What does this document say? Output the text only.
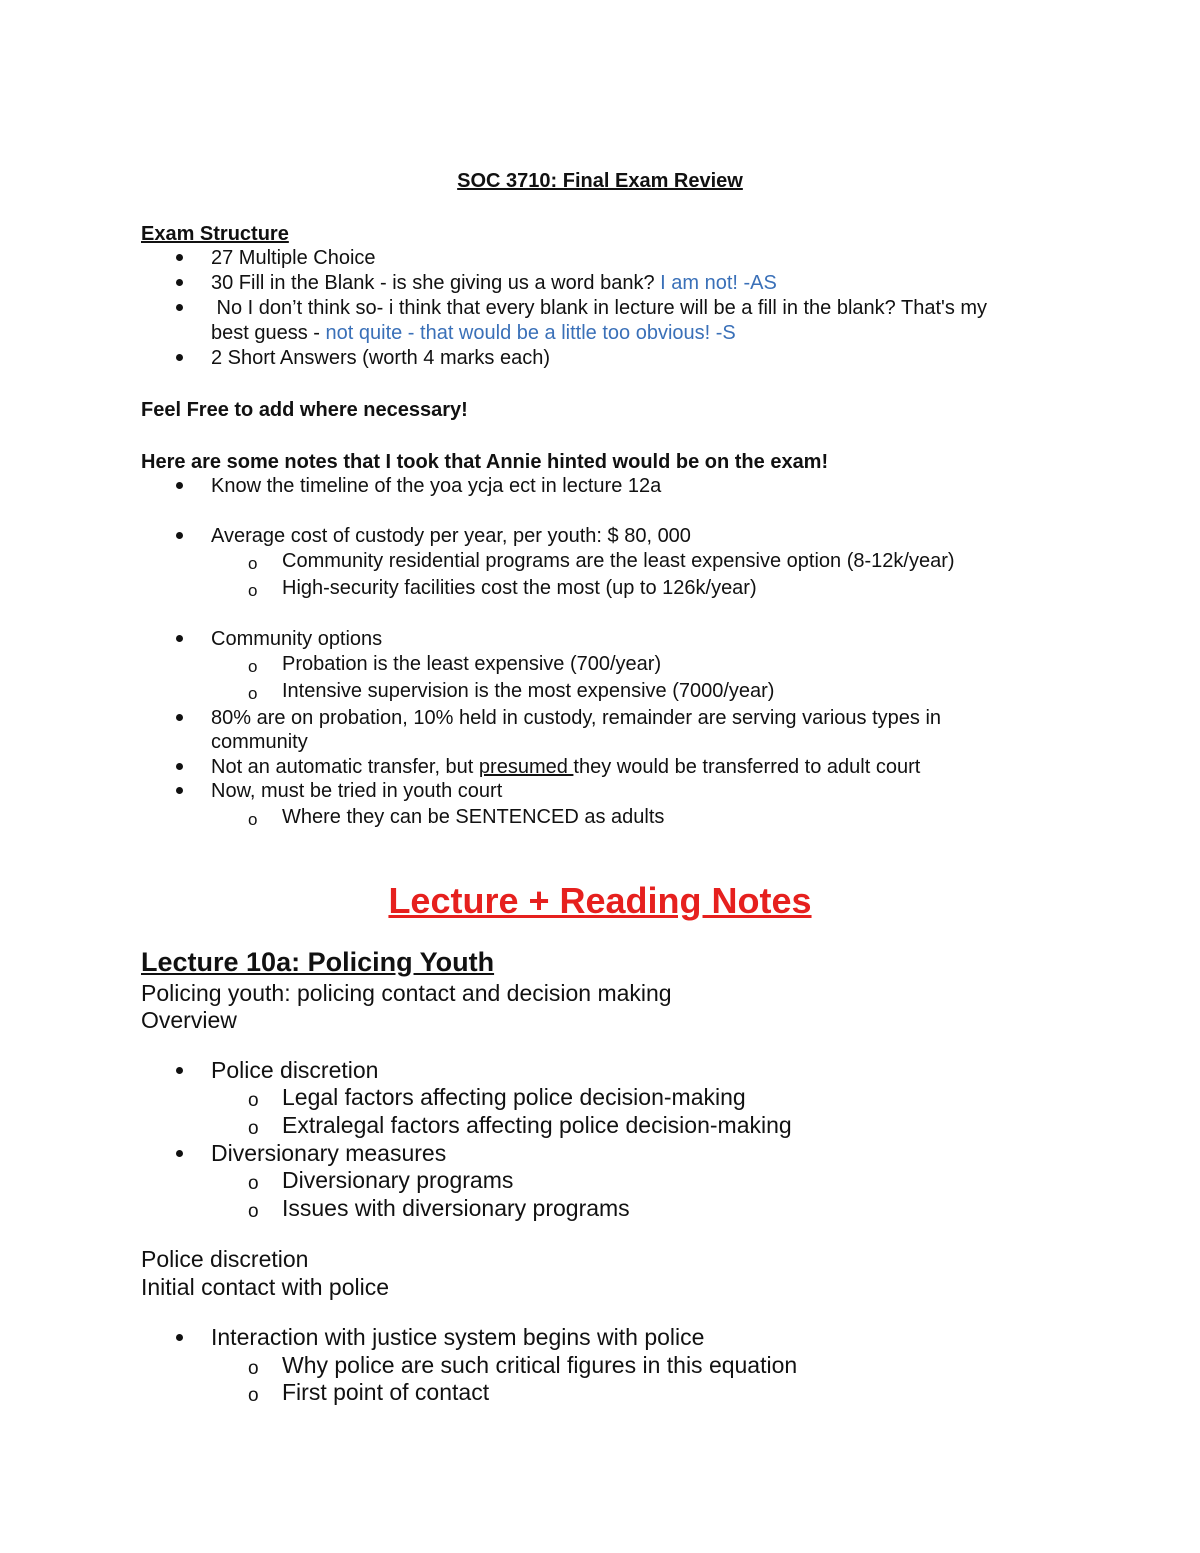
SOC 3710: Final Exam Review
Exam Structure
27 Multiple Choice
30 Fill in the Blank - is she giving us a word bank? I am not! -AS
No I don’t think so- i think that every blank in lecture will be a fill in the blank? That's my
best guess - not quite - that would be a little too obvious! -S
2 Short Answers (worth 4 marks each)
Feel Free to add where necessary!
Here are some notes that I took that Annie hinted would be on the exam!
Know the timeline of the yoa ycja ect in lecture 12a
Average cost of custody per year, per youth: $ 80, 000
o Community residential programs are the least expensive option (8-12k/year)
o High-security facilities cost the most (up to 126k/year)
Community options
o Probation is the least expensive (700/year)
o Intensive supervision is the most expensive (7000/year)
80% are on probation, 10% held in custody, remainder are serving various types in
community
Not an automatic transfer, but presumed they would be transferred to adult court
Now, must be tried in youth court
o Where they can be SENTENCED as adults
Lecture + Reading Notes
Lecture 10a: Policing Youth
Policing youth: policing contact and decision making
Overview
Police discretion
o Legal factors affecting police decision-making
o Extralegal factors affecting police decision-making
Diversionary measures
o Diversionary programs
o Issues with diversionary programs
Police discretion
Initial contact with police
Interaction with justice system begins with police
o Why police are such critical figures in this equation
o First point of contact
